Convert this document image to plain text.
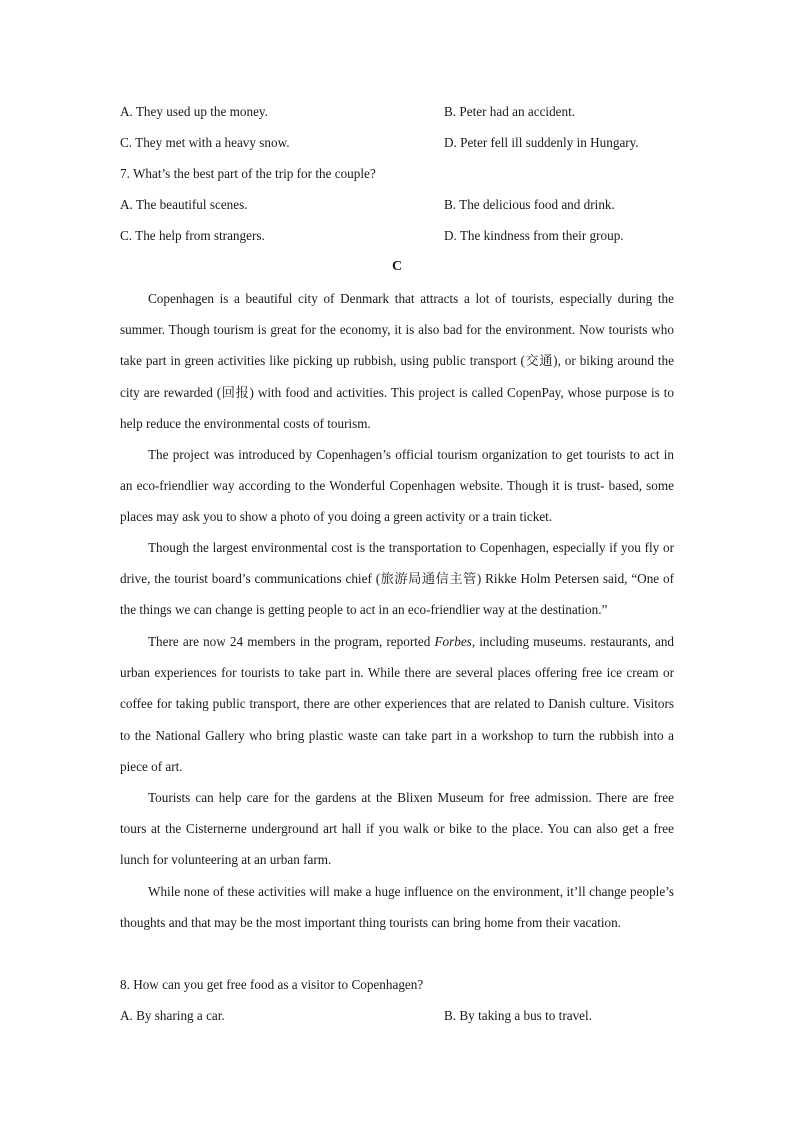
A. They used up the money.	B. Peter had an accident.
C. They met with a heavy snow.	D. Peter fell ill suddenly in Hungary.
7. What’s the best part of the trip for the couple?
A. The beautiful scenes.	B. The delicious food and drink.
C. The help from strangers.	D. The kindness from their group.
C
Copenhagen is a beautiful city of Denmark that attracts a lot of tourists, especially during the summer. Though tourism is great for the economy, it is also bad for the environment. Now tourists who take part in green activities like picking up rubbish, using public transport (交通), or biking around the city are rewarded (回报) with food and activities. This project is called CopenPay, whose purpose is to help reduce the environmental costs of tourism.
The project was introduced by Copenhagen’s official tourism organization to get tourists to act in an eco-friendlier way according to the Wonderful Copenhagen website. Though it is trust- based, some places may ask you to show a photo of you doing a green activity or a train ticket.
Though the largest environmental cost is the transportation to Copenhagen, especially if you fly or drive, the tourist board’s communications chief (旅游局通信主管) Rikke Holm Petersen said, “One of the things we can change is getting people to act in an eco-friendlier way at the destination.”
There are now 24 members in the program, reported Forbes, including museums. restaurants, and urban experiences for tourists to take part in. While there are several places offering free ice cream or coffee for taking public transport, there are other experiences that are related to Danish culture. Visitors to the National Gallery who bring plastic waste can take part in a workshop to turn the rubbish into a piece of art.
Tourists can help care for the gardens at the Blixen Museum for free admission. There are free tours at the Cisternerne underground art hall if you walk or bike to the place. You can also get a free lunch for volunteering at an urban farm.
While none of these activities will make a huge influence on the environment, it’ll change people’s thoughts and that may be the most important thing tourists can bring home from their vacation.
8. How can you get free food as a visitor to Copenhagen?
A. By sharing a car.	B. By taking a bus to travel.
